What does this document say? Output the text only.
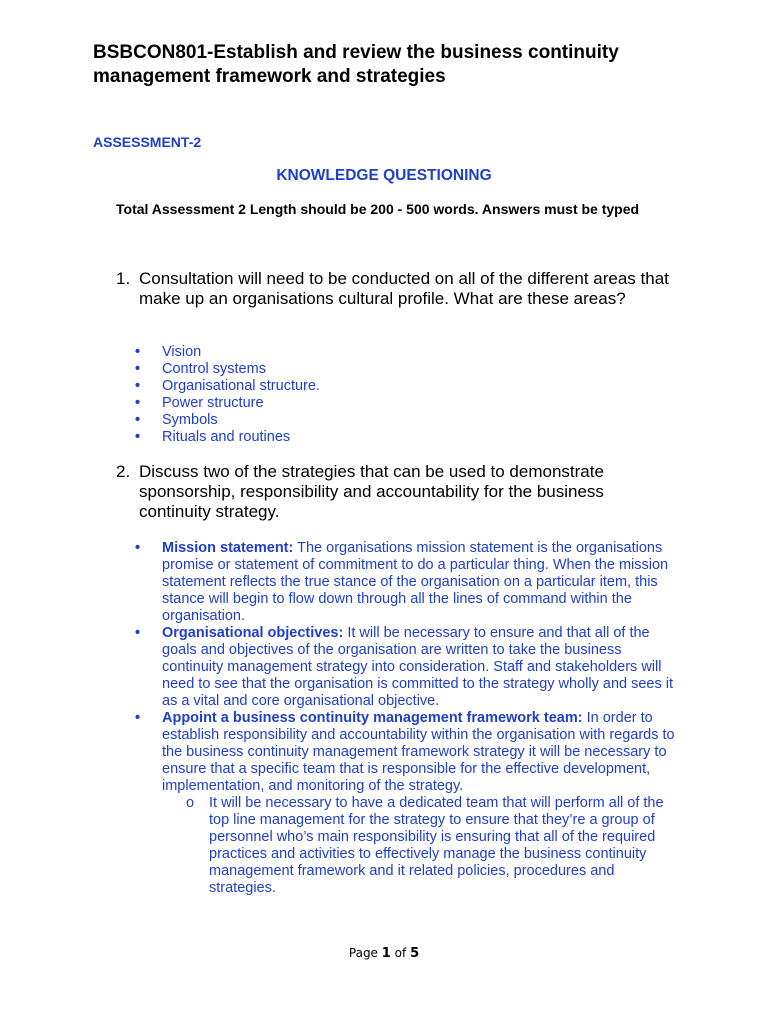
BSBCON801-Establish and review the business continuity management framework and strategies
ASSESSMENT-2
KNOWLEDGE QUESTIONING
Total Assessment 2 Length should be 200 - 500 words. Answers must be typed
1. Consultation will need to be conducted on all of the different areas that make up an organisations cultural profile. What are these areas?
• Vision
• Control systems
• Organisational structure.
• Power structure
• Symbols
• Rituals and routines
2. Discuss two of the strategies that can be used to demonstrate sponsorship, responsibility and accountability for the business continuity strategy.
• Mission statement: The organisations mission statement is the organisations promise or statement of commitment to do a particular thing. When the mission statement reflects the true stance of the organisation on a particular item, this stance will begin to flow down through all the lines of command within the organisation.
• Organisational objectives: It will be necessary to ensure and that all of the goals and objectives of the organisation are written to take the business continuity management strategy into consideration. Staff and stakeholders will need to see that the organisation is committed to the strategy wholly and sees it as a vital and core organisational objective.
• Appoint a business continuity management framework team: In order to establish responsibility and accountability within the organisation with regards to the business continuity management framework strategy it will be necessary to ensure that a specific team that is responsible for the effective development, implementation, and monitoring of the strategy.
o It will be necessary to have a dedicated team that will perform all of the top line management for the strategy to ensure that they’re a group of personnel who’s main responsibility is ensuring that all of the required practices and activities to effectively manage the business continuity management framework and it related policies, procedures and strategies.
Page 1 of 5
